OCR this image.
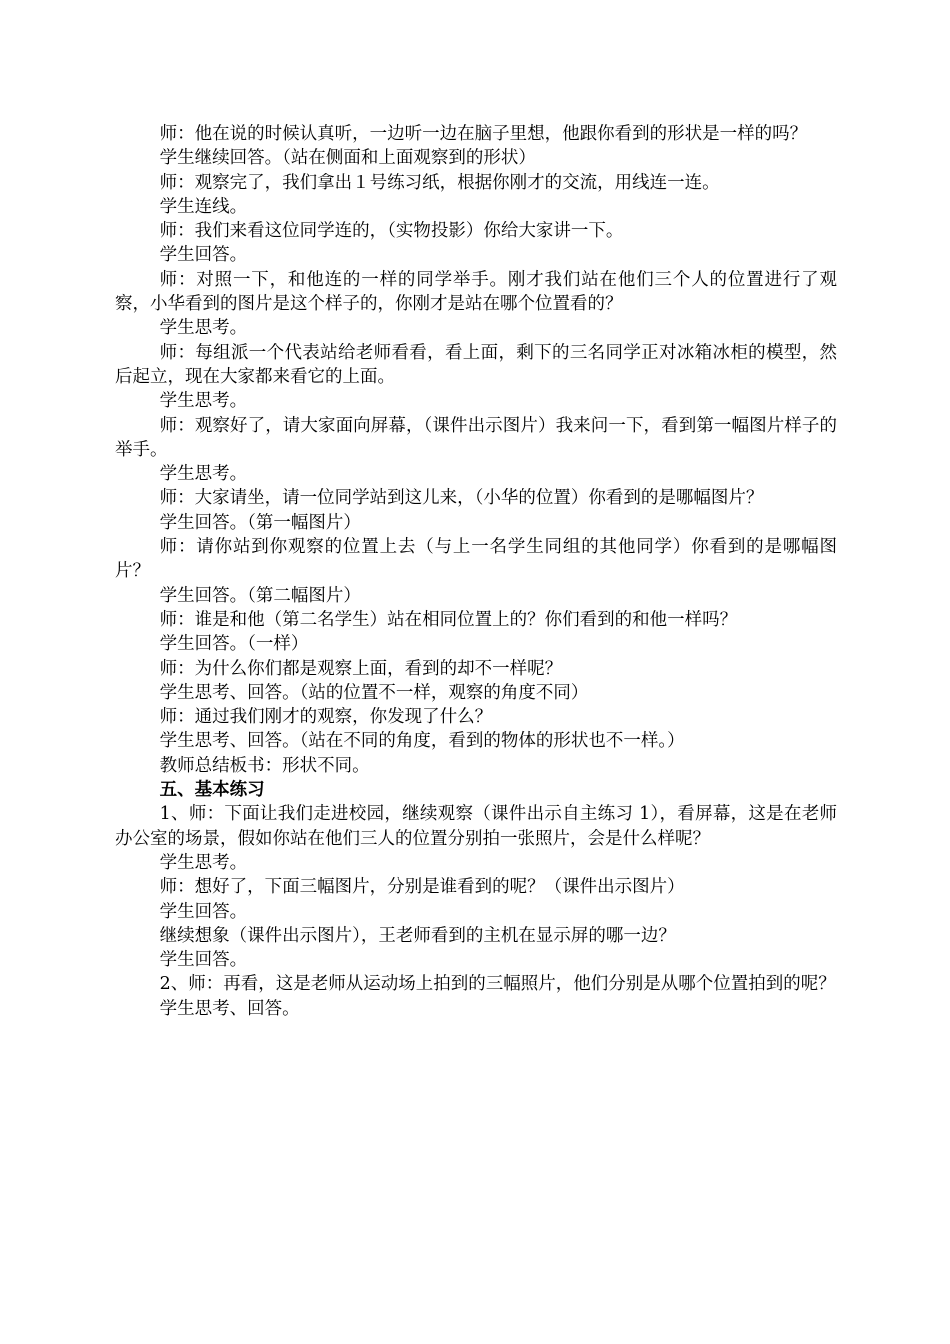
师：他在说的时候认真听，一边听一边在脑子里想，他跟你看到的形状是一样的吗？

学生继续回答。（站在侧面和上面观察到的形状）

师：观察完了，我们拿出１号练习纸，根据你刚才的交流，用线连一连。

学生连线。

师：我们来看这位同学连的，（实物投影）你给大家讲一下。

学生回答。

师：对照一下，和他连的一样的同学举手。刚才我们站在他们三个人的位置进行了观察，小华看到的图片是这个样子的，你刚才是站在哪个位置看的？

学生思考。

师：每组派一个代表站给老师看看，看上面，剩下的三名同学正对冰箱冰柜的模型，然后起立，现在大家都来看它的上面。

学生思考。

师：观察好了，请大家面向屏幕，（课件出示图片）我来问一下，看到第一幅图片样子的举手。

学生思考。

师：大家请坐，请一位同学站到这儿来，（小华的位置）你看到的是哪幅图片？

学生回答。（第一幅图片）

师：请你站到你观察的位置上去（与上一名学生同组的其他同学）你看到的是哪幅图片？

学生回答。（第二幅图片）

师：谁是和他（第二名学生）站在相同位置上的？你们看到的和他一样吗？

学生回答。（一样）

师：为什么你们都是观察上面，看到的却不一样呢？

学生思考、回答。（站的位置不一样，观察的角度不同）

师：通过我们刚才的观察，你发现了什么？

学生思考、回答。（站在不同的角度，看到的物体的形状也不一样。）

教师总结板书：形状不同。

五、基本练习

1、师：下面让我们走进校园，继续观察（课件出示自主练习 1），看屏幕，这是在老师办公室的场景，假如你站在他们三人的位置分别拍一张照片，会是什么样呢？

学生思考。

师：想好了，下面三幅图片，分别是谁看到的呢？（课件出示图片）

学生回答。

继续想象（课件出示图片），王老师看到的主机在显示屏的哪一边？

学生回答。

2、师：再看，这是老师从运动场上拍到的三幅照片，他们分别是从哪个位置拍到的呢？

学生思考、回答。
